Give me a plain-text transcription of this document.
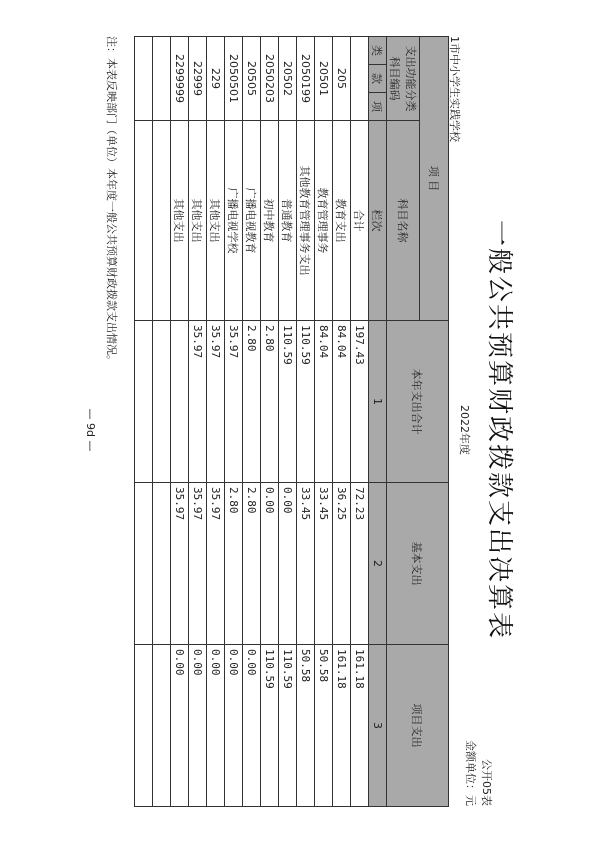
一般公共预算财政拨款支出决算表
公开05表
金额单位：元
2022年度
1市中小学生实践学校
项 目				本年支出合计	基本支出	项目支出
支出功能分类科目编码			科目名称			

类	款	项	栏次	1	2	3
			合计	197.43	72.23	161.18
205			教育支出	84.04	36.25	161.18
20501			教育管理事务	84.04	33.45	50.58
2050199			其他教育管理事务支出	110.59	33.45	50.58
20502			普通教育	110.59	0.00	110.59
2050203			初中教育	2.80	0.00	110.59
20505			广播电视教育	2.80	2.80	0.00
2050501			广播电视学校	35.97	2.80	0.00
229			其他支出	35.97	35.97	0.00
22999			其他支出	35.97	35.97	0.00
2299999			其他支出		35.97	0.00

注：本表反映部门（单位）本年度一般公共预算财政拨款支出情况。
— 9d —
